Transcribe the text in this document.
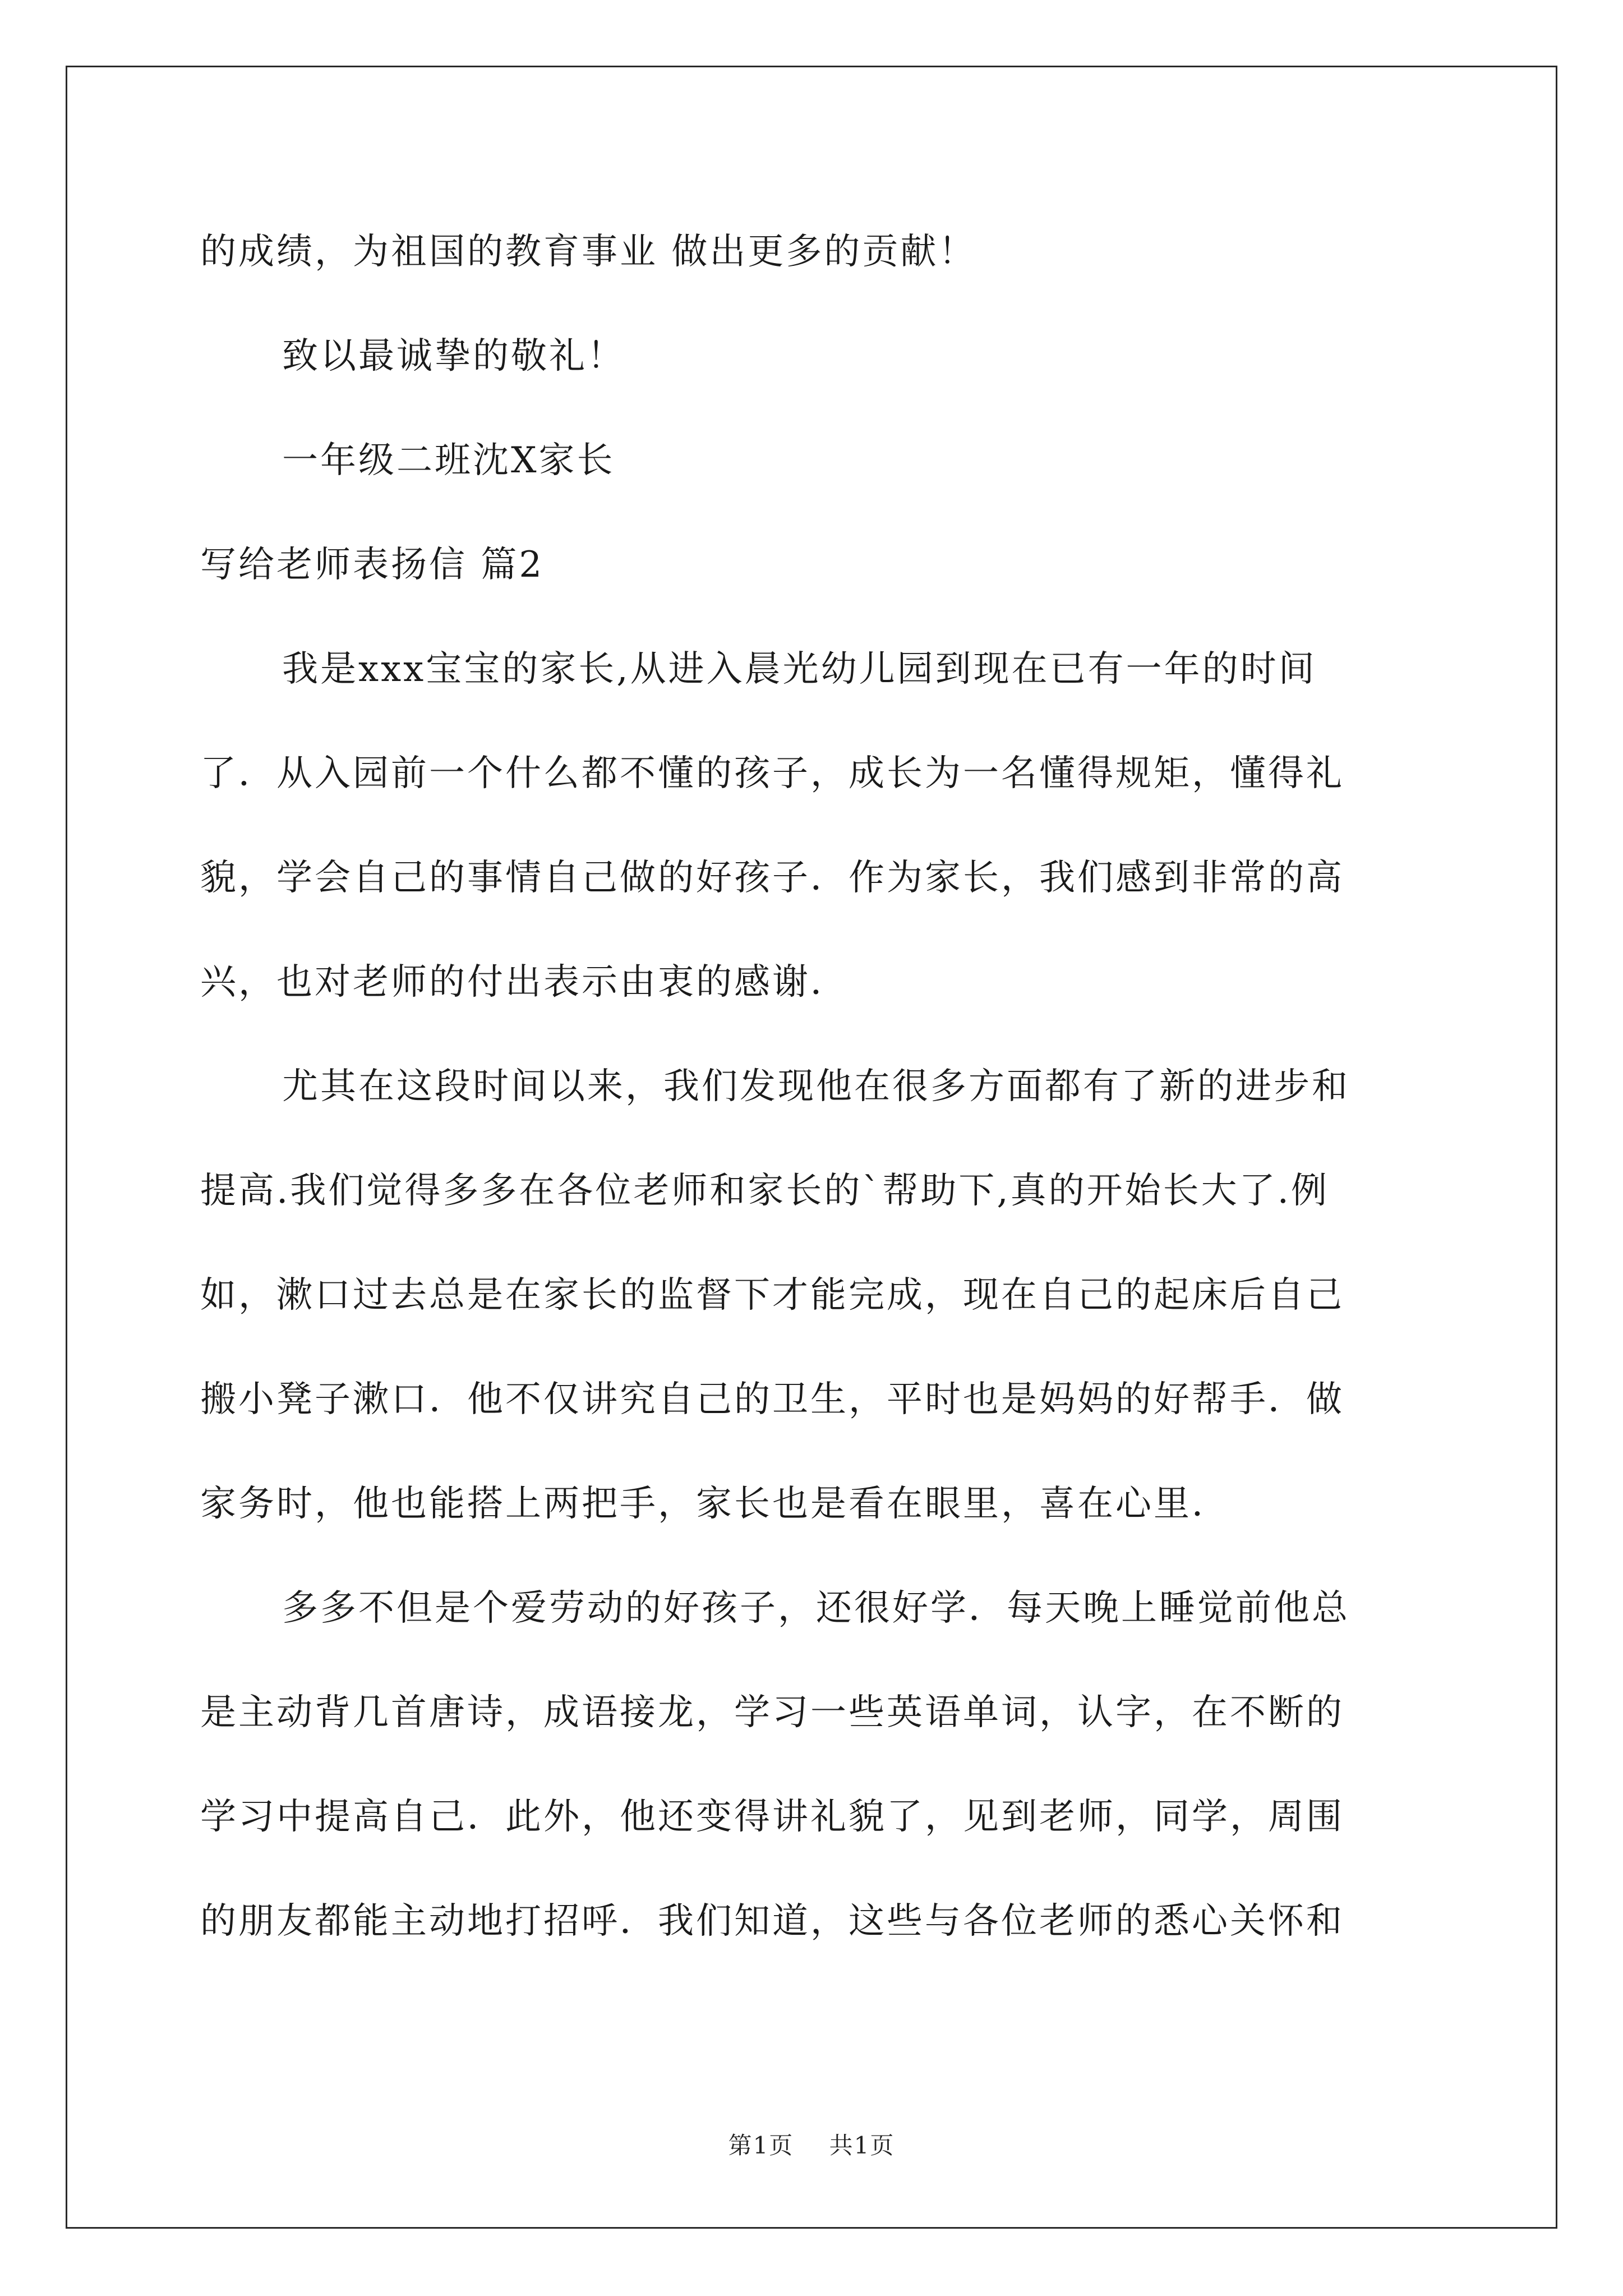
的成绩，为祖国的教育事业 做出更多的贡献！

致以最诚挚的敬礼！

一年级二班沈X家长

写给老师表扬信 篇2

我是xxx宝宝的家长,从进入晨光幼儿园到现在已有一年的时间

了．从入园前一个什么都不懂的孩子，成长为一名懂得规矩，懂得礼

貌，学会自己的事情自己做的好孩子．作为家长，我们感到非常的高

兴，也对老师的付出表示由衷的感谢．

尤其在这段时间以来，我们发现他在很多方面都有了新的进步和

提高.我们觉得多多在各位老师和家长的`帮助下,真的开始长大了.例

如，漱口过去总是在家长的监督下才能完成，现在自己的起床后自己

搬小凳子漱口．他不仅讲究自己的卫生，平时也是妈妈的好帮手．做

家务时，他也能搭上两把手，家长也是看在眼里，喜在心里．

多多不但是个爱劳动的好孩子，还很好学．每天晚上睡觉前他总

是主动背几首唐诗，成语接龙，学习一些英语单词，认字，在不断的

学习中提高自己．此外，他还变得讲礼貌了，见到老师，同学，周围

的朋友都能主动地打招呼．我们知道，这些与各位老师的悉心关怀和

第1页 共1页
